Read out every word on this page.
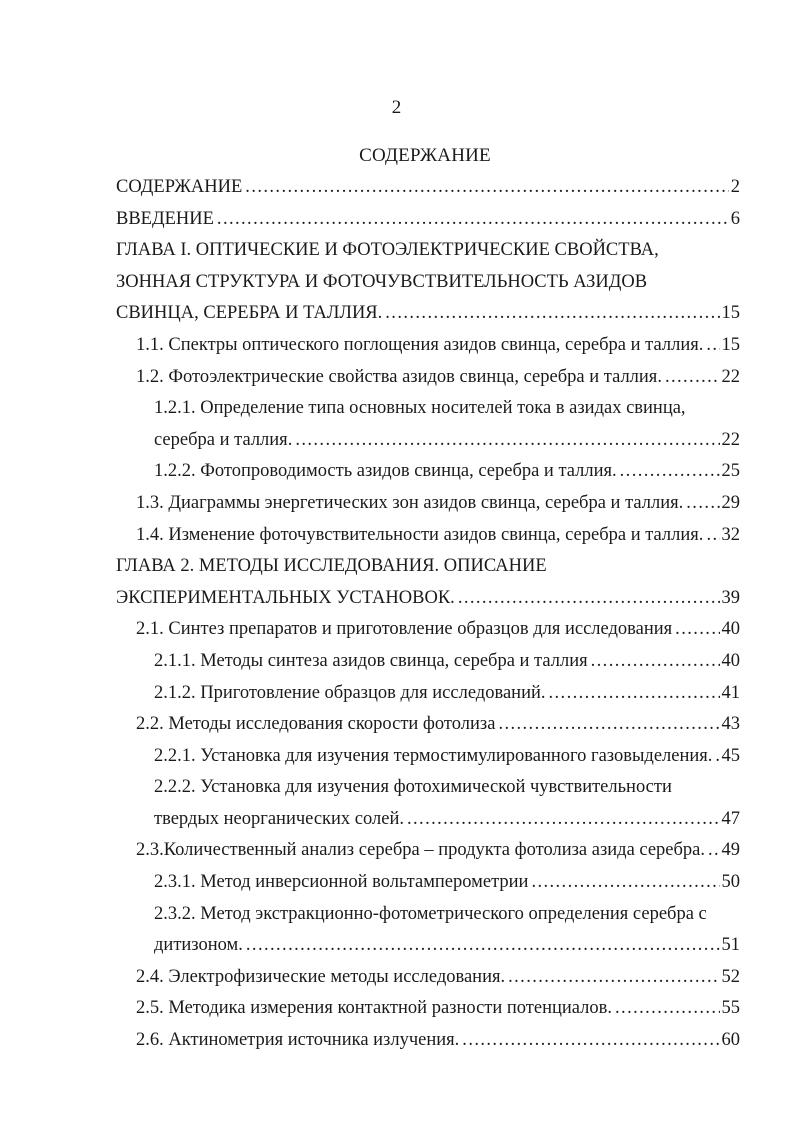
2
СОДЕРЖАНИЕ
СОДЕРЖАНИЕ .....	2
ВВЕДЕНИЕ .....	6
ГЛАВА I. ОПТИЧЕСКИЕ И ФОТОЭЛЕКТРИЧЕСКИЕ СВОЙСТВА,
ЗОННАЯ СТРУКТУРА И ФОТОЧУВСТВИТЕЛЬНОСТЬ АЗИДОВ
СВИНЦА, СЕРЕБРА И ТАЛЛИЯ. .....	15
1.1. Спектры оптического поглощения азидов свинца, серебра и таллия. ..... 15
1.2. Фотоэлектрические свойства азидов свинца, серебра и таллия. .....	22
1.2.1. Определение типа основных носителей тока в азидах свинца,
серебра и таллия. .....	22
1.2.2. Фотопроводимость азидов свинца, серебра и таллия. .....	25
1.3. Диаграммы энергетических зон азидов свинца, серебра и таллия. ..... 29
1.4. Изменение фоточувствительности азидов свинца, серебра и таллия. ..... 32
ГЛАВА 2. МЕТОДЫ ИССЛЕДОВАНИЯ. ОПИСАНИЕ
ЭКСПЕРИМЕНТАЛЬНЫХ УСТАНОВОК. .....	39
2.1. Синтез препаратов и приготовление образцов для исследования .....	40
2.1.1. Методы синтеза азидов свинца, серебра и таллия .....	40
2.1.2. Приготовление образцов для исследований. .....	41
2.2. Методы исследования скорости фотолиза .....	43
2.2.1. Установка для изучения термостимулированного газовыделения. ..... 45
2.2.2. Установка для изучения фотохимической чувствительности
твердых неорганических солей. .....	47
2.3.Количественный анализ серебра – продукта фотолиза азида серебра. ..... 49
2.3.1. Метод инверсионной вольтамперометрии .....	50
2.3.2. Метод экстракционно-фотометрического определения серебра с
дитизоном. .....	51
2.4. Электрофизические методы исследования. .....	52
2.5. Методика измерения контактной разности потенциалов. .....	55
2.6. Актинометрия источника излучения. .....	60
